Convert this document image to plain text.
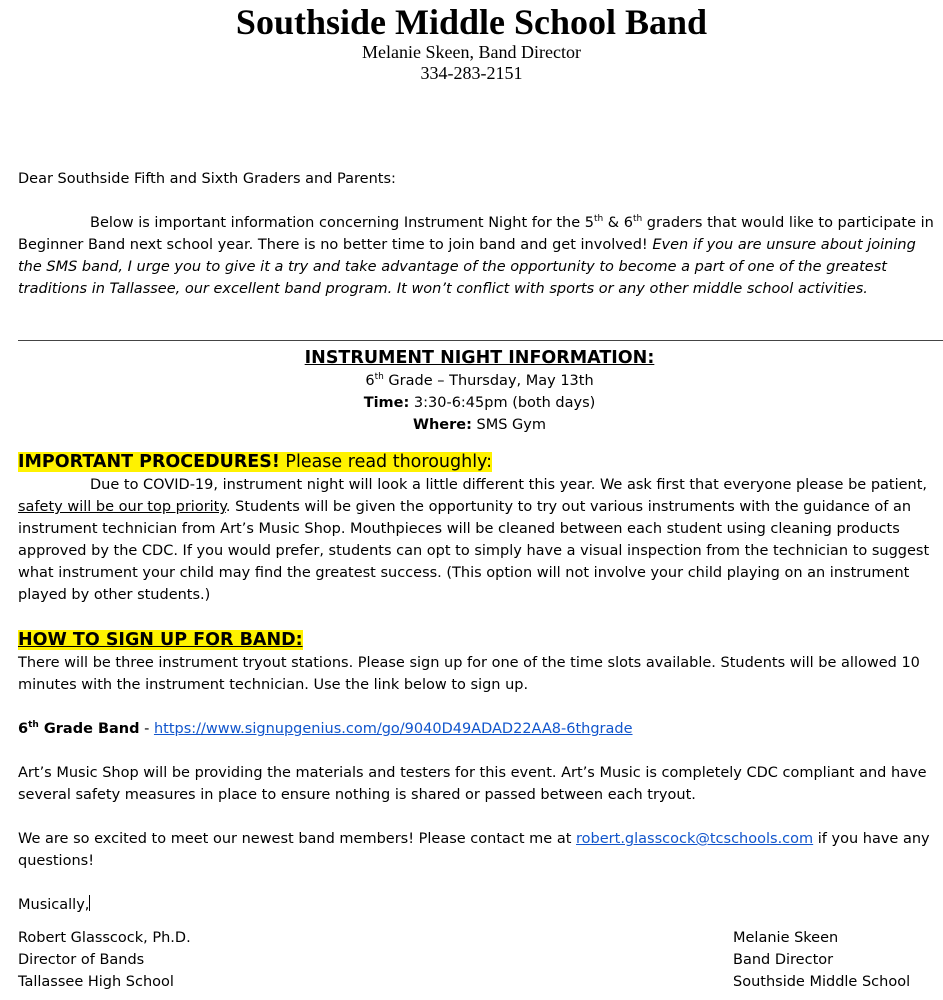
Southside Middle School Band
Melanie Skeen, Band Director
334-283-2151

Dear Southside Fifth and Sixth Graders and Parents:

Below is important information concerning Instrument Night for the 5th & 6th graders that would like to participate in Beginner Band next school year. There is no better time to join band and get involved! Even if you are unsure about joining the SMS band, I urge you to give it a try and take advantage of the opportunity to become a part of one of the greatest traditions in Tallassee, our excellent band program. It won’t conflict with sports or any other middle school activities.

INSTRUMENT NIGHT INFORMATION:
6th Grade – Thursday, May 13th
Time: 3:30-6:45pm (both days)
Where: SMS Gym
IMPORTANT PROCEDURES! Please read thoroughly:

Due to COVID-19, instrument night will look a little different this year. We ask first that everyone please be patient, safety will be our top priority. Students will be given the opportunity to try out various instruments with the guidance of an instrument technician from Art’s Music Shop. Mouthpieces will be cleaned between each student using cleaning products approved by the CDC. If you would prefer, students can opt to simply have a visual inspection from the technician to suggest what instrument your child may find the greatest success. (This option will not involve your child playing on an instrument played by other students.)

HOW TO SIGN UP FOR BAND:

There will be three instrument tryout stations. Please sign up for one of the time slots available. Students will be allowed 10 minutes with the instrument technician. Use the link below to sign up.

6th Grade Band - https://www.signupgenius.com/go/9040D49ADAD22AA8-6thgrade

Art’s Music Shop will be providing the materials and testers for this event. Art’s Music is completely CDC compliant and have several safety measures in place to ensure nothing is shared or passed between each tryout.

We are so excited to meet our newest band members! Please contact me at robert.glasscock@tcschools.com if you have any questions!

Musically,

Robert Glasscock, Ph.D.
Director of Bands
Tallassee High School
Melanie Skeen
Band Director
Southside Middle School
